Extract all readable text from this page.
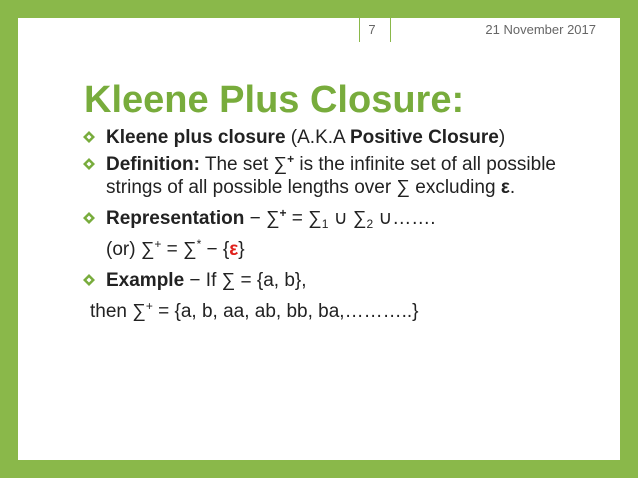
7	21 November 2017
Kleene Plus Closure:
Kleene plus closure (A.K.A Positive Closure)
Definition: The set ∑+ is the infinite set of all possible strings of all possible lengths over ∑ excluding ε.
Representation − $\sum^+ = \sum_1$ ∪ $\sum_2$ ∪…….
(or) ∑+ = ∑* − {ε}
Example − If ∑ = {a, b},
then ∑+ = {a, b, aa, ab, bb, ba,………..}
